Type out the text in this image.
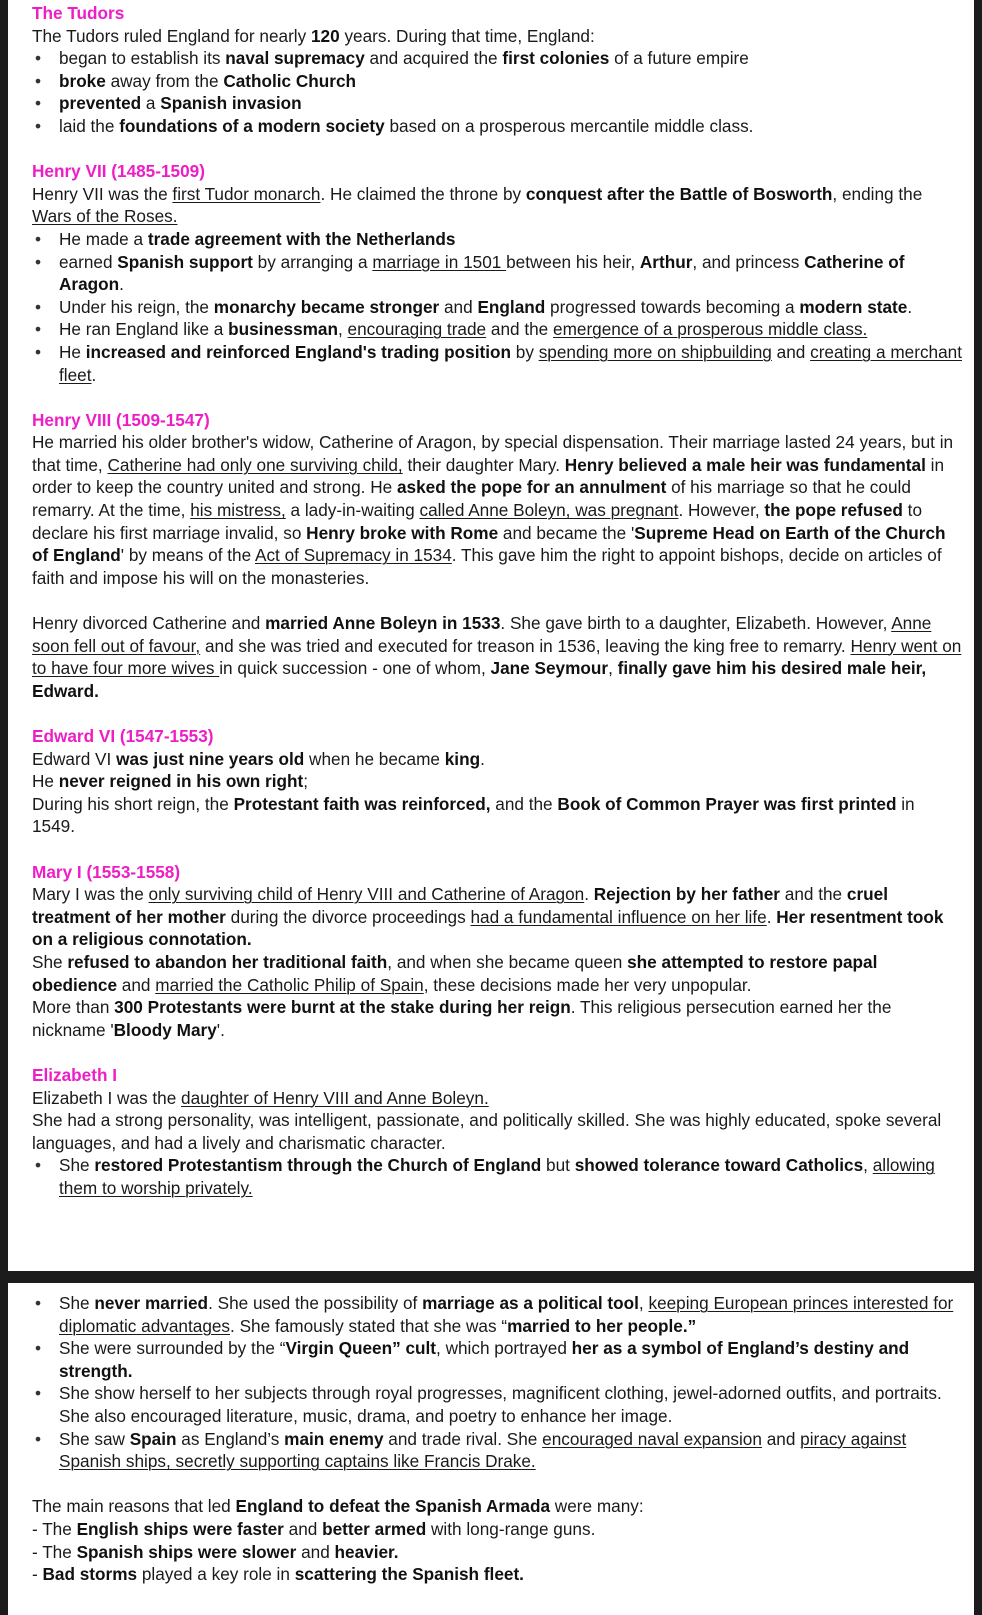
The Tudors

The Tudors ruled England for nearly 120 years. During that time, England:

• began to establish its naval supremacy and acquired the first colonies of a future empire
• broke away from the Catholic Church
• prevented a Spanish invasion
• laid the foundations of a modern society based on a prosperous mercantile middle class.
Henry VII (1485-1509)

Henry VII was the first Tudor monarch. He claimed the throne by conquest after the Battle of Bosworth, ending the Wars of the Roses.

• He made a trade agreement with the Netherlands
• earned Spanish support by arranging a marriage in 1501 between his heir, Arthur, and princess Catherine of Aragon.
• Under his reign, the monarchy became stronger and England progressed towards becoming a modern state.
• He ran England like a businessman, encouraging trade and the emergence of a prosperous middle class.
• He increased and reinforced England's trading position by spending more on shipbuilding and creating a merchant fleet.
Henry VIII (1509-1547)

He married his older brother's widow, Catherine of Aragon, by special dispensation. Their marriage lasted 24 years, but in that time, Catherine had only one surviving child, their daughter Mary. Henry believed a male heir was fundamental in order to keep the country united and strong. He asked the pope for an annulment of his marriage so that he could remarry. At the time, his mistress, a lady-in-waiting called Anne Boleyn, was pregnant. However, the pope refused to declare his first marriage invalid, so Henry broke with Rome and became the 'Supreme Head on Earth of the Church of England' by means of the Act of Supremacy in 1534. This gave him the right to appoint bishops, decide on articles of faith and impose his will on the monasteries.

Henry divorced Catherine and married Anne Boleyn in 1533. She gave birth to a daughter, Elizabeth. However, Anne soon fell out of favour, and she was tried and executed for treason in 1536, leaving the king free to remarry. Henry went on to have four more wives in quick succession - one of whom, Jane Seymour, finally gave him his desired male heir, Edward.

Edward VI (1547-1553)

Edward VI was just nine years old when he became king.

He never reigned in his own right;

During his short reign, the Protestant faith was reinforced, and the Book of Common Prayer was first printed in 1549.

Mary I (1553-1558)

Mary I was the only surviving child of Henry VIII and Catherine of Aragon. Rejection by her father and the cruel treatment of her mother during the divorce proceedings had a fundamental influence on her life. Her resentment took on a religious connotation.

She refused to abandon her traditional faith, and when she became queen she attempted to restore papal obedience and married the Catholic Philip of Spain, these decisions made her very unpopular.

More than 300 Protestants were burnt at the stake during her reign. This religious persecution earned her the nickname 'Bloody Mary'.

Elizabeth I

Elizabeth I was the daughter of Henry VIII and Anne Boleyn.

She had a strong personality, was intelligent, passionate, and politically skilled. She was highly educated, spoke several languages, and had a lively and charismatic character.

• She restored Protestantism through the Church of England but showed tolerance toward Catholics, allowing them to worship privately.
• She never married. She used the possibility of marriage as a political tool, keeping European princes interested for diplomatic advantages. She famously stated that she was “married to her people.”
• She were surrounded by the “Virgin Queen” cult, which portrayed her as a symbol of England’s destiny and strength.
• She show herself to her subjects through royal progresses, magnificent clothing, jewel-adorned outfits, and portraits. She also encouraged literature, music, drama, and poetry to enhance her image.
• She saw Spain as England’s main enemy and trade rival. She encouraged naval expansion and piracy against Spanish ships, secretly supporting captains like Francis Drake.

The main reasons that led England to defeat the Spanish Armada were many:

- The English ships were faster and better armed with long-range guns.

- The Spanish ships were slower and heavier.

- Bad storms played a key role in scattering the Spanish fleet.
